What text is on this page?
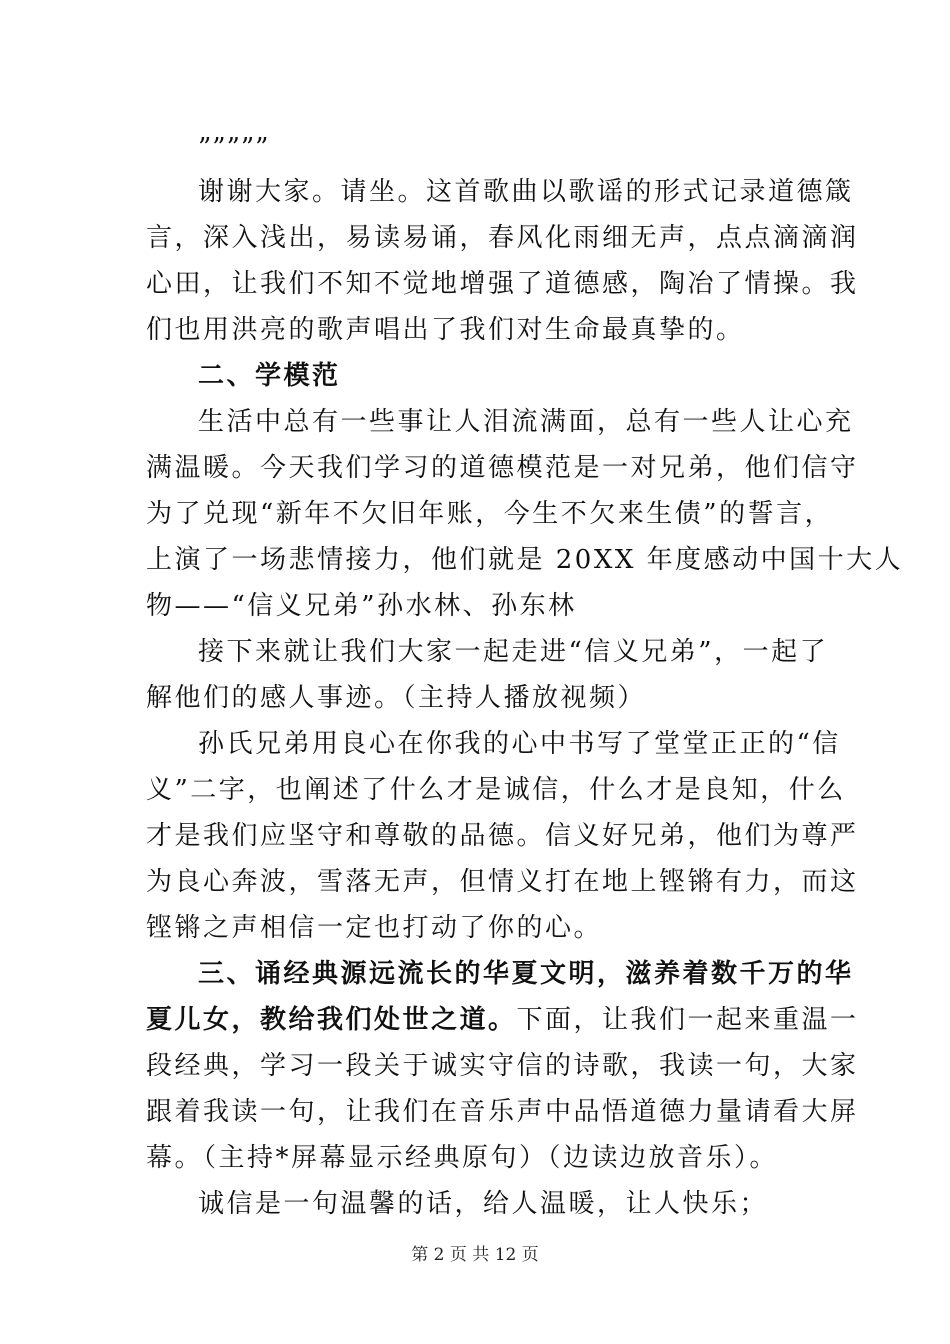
”””””
谢谢大家。请坐。这首歌曲以歌谣的形式记录道德箴
言，深入浅出，易读易诵，春风化雨细无声，点点滴滴润
心田，让我们不知不觉地增强了道德感，陶冶了情操。我
们也用洪亮的歌声唱出了我们对生命最真挚的。
二、学模范
生活中总有一些事让人泪流满面，总有一些人让心充
满温暖。今天我们学习的道德模范是一对兄弟，他们信守
为了兑现“新年不欠旧年账，今生不欠来生债”的誓言，
上演了一场悲情接力，他们就是 20XX 年度感动中国十大人
物——“信义兄弟”孙水林、孙东林
接下来就让我们大家一起走进“信义兄弟”，一起了
解他们的感人事迹。（主持人播放视频）
孙氏兄弟用良心在你我的心中书写了堂堂正正的“信
义”二字，也阐述了什么才是诚信，什么才是良知，什么
才是我们应坚守和尊敬的品德。信义好兄弟，他们为尊严
为良心奔波，雪落无声，但情义打在地上铿锵有力，而这
铿锵之声相信一定也打动了你的心。
三、诵经典源远流长的华夏文明，滋养着数千万的华
夏儿女，教给我们处世之道。下面，让我们一起来重温一
段经典，学习一段关于诚实守信的诗歌，我读一句，大家
跟着我读一句，让我们在音乐声中品悟道德力量请看大屏
幕。（主持*屏幕显示经典原句）（边读边放音乐）。
诚信是一句温馨的话，给人温暖，让人快乐；
第 2 页 共 12 页
